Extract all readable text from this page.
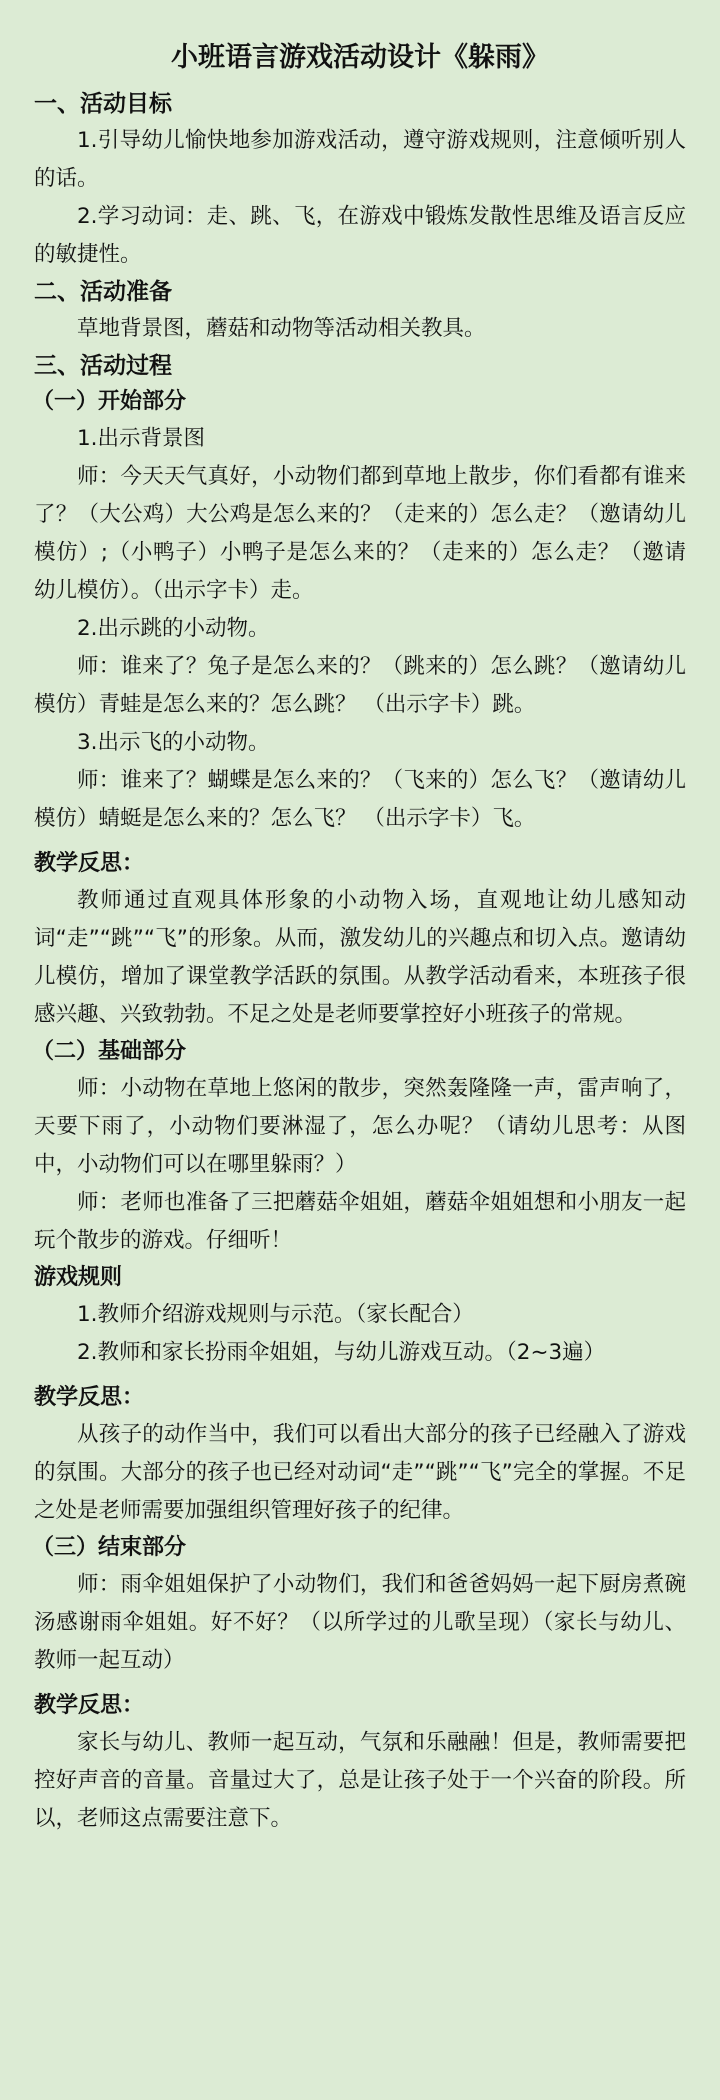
小班语言游戏活动设计《躲雨》
一、活动目标
1.引导幼儿愉快地参加游戏活动，遵守游戏规则，注意倾听别人的话。
2.学习动词：走、跳、飞，在游戏中锻炼发散性思维及语言反应的敏捷性。
二、活动准备
草地背景图，蘑菇和动物等活动相关教具。
三、活动过程
（一）开始部分
1.出示背景图
师：今天天气真好，小动物们都到草地上散步，你们看都有谁来了？（大公鸡）大公鸡是怎么来的？（走来的）怎么走？（邀请幼儿模仿）;（小鸭子）小鸭子是怎么来的？（走来的）怎么走？（邀请幼儿模仿）。（出示字卡）走。
2.出示跳的小动物。
师：谁来了？兔子是怎么来的？（跳来的）怎么跳？（邀请幼儿模仿）青蛙是怎么来的？怎么跳？ （出示字卡）跳。
3.出示飞的小动物。
师：谁来了？蝴蝶是怎么来的？（飞来的）怎么飞？（邀请幼儿模仿）蜻蜓是怎么来的？怎么飞？ （出示字卡）飞。
教学反思：
教师通过直观具体形象的小动物入场，直观地让幼儿感知动词“走”“跳”“飞”的形象。从而，激发幼儿的兴趣点和切入点。邀请幼儿模仿，增加了课堂教学活跃的氛围。从教学活动看来，本班孩子很感兴趣、兴致勃勃。不足之处是老师要掌控好小班孩子的常规。
（二）基础部分
师：小动物在草地上悠闲的散步，突然轰隆隆一声，雷声响了，天要下雨了，小动物们要淋湿了，怎么办呢？（请幼儿思考：从图中，小动物们可以在哪里躲雨？）
师：老师也准备了三把蘑菇伞姐姐，蘑菇伞姐姐想和小朋友一起玩个散步的游戏。仔细听！
游戏规则
1.教师介绍游戏规则与示范。（家长配合）
2.教师和家长扮雨伞姐姐，与幼儿游戏互动。（2~3遍）
教学反思：
从孩子的动作当中，我们可以看出大部分的孩子已经融入了游戏的氛围。大部分的孩子也已经对动词“走”“跳”“飞”完全的掌握。不足之处是老师需要加强组织管理好孩子的纪律。
（三）结束部分
师：雨伞姐姐保护了小动物们，我们和爸爸妈妈一起下厨房煮碗汤感谢雨伞姐姐。好不好？（以所学过的儿歌呈现）（家长与幼儿、教师一起互动）
教学反思：
家长与幼儿、教师一起互动，气氛和乐融融！但是，教师需要把控好声音的音量。音量过大了，总是让孩子处于一个兴奋的阶段。所以，老师这点需要注意下。
